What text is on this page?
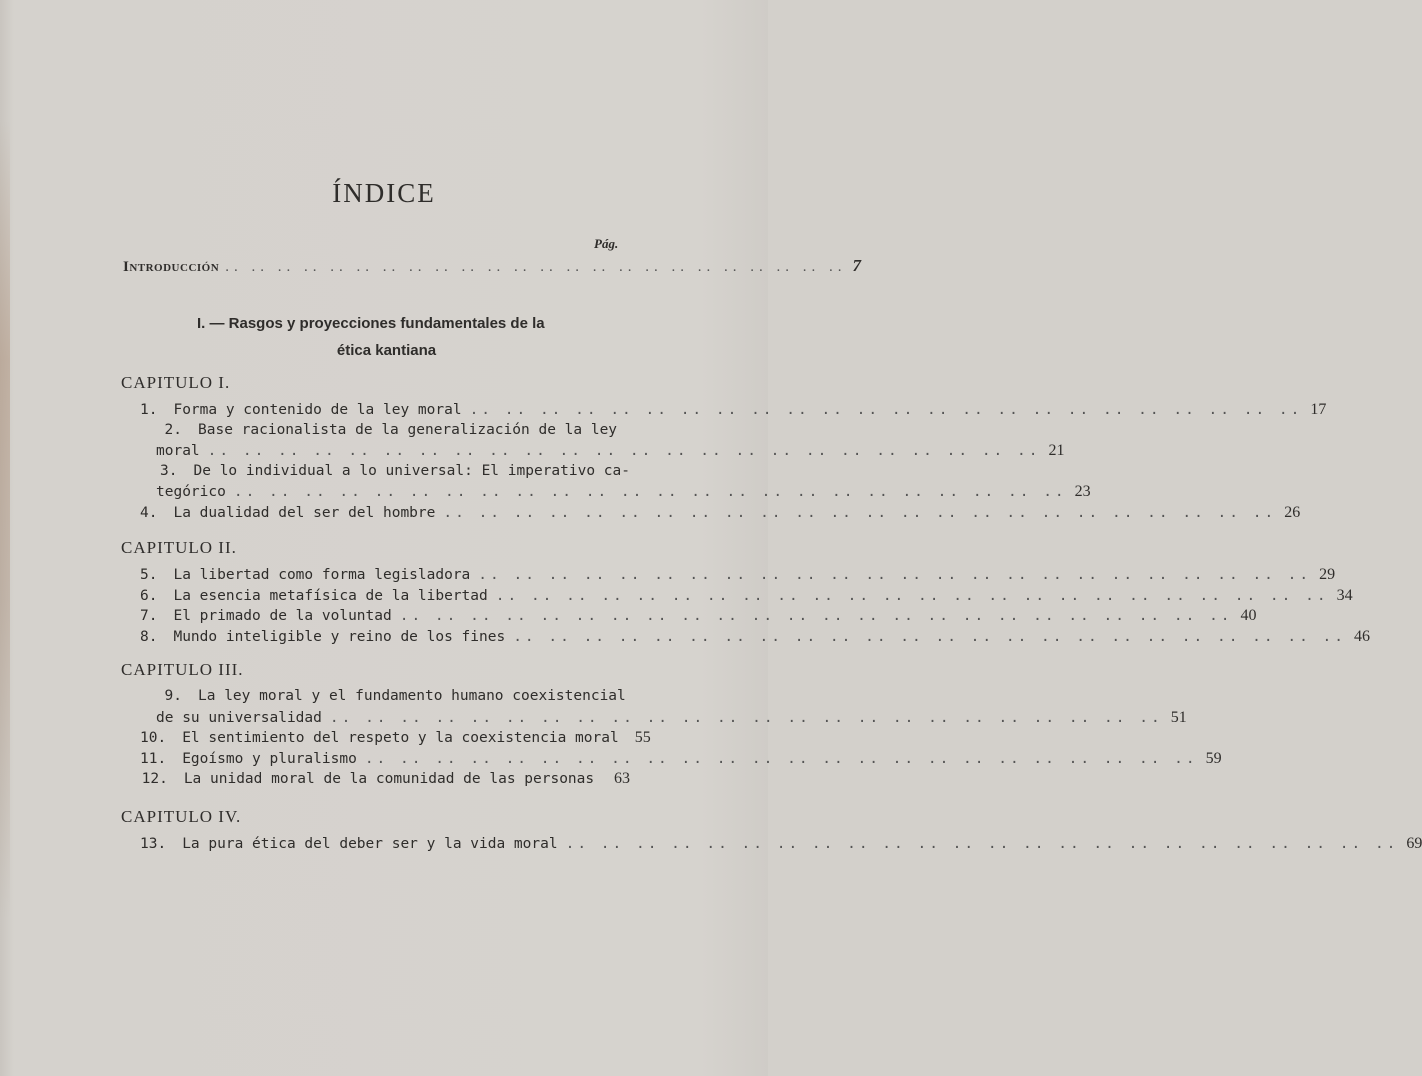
ÍNDICE
Pág.
Introducción .. .. .. .. .. .. .. .. .. .. .. .. .. .. .. .. .. .. .. .. .. .. .. .. 7
I. — Rasgos y proyecciones fundamentales de la
ética kantiana
CAPITULO I.
1. Forma y contenido de la ley moral .. .. .. .. .. .. .. .. .. .. .. .. .. .. .. .. .. .. .. .. .. .. .. .. 17
2. Base racionalista de la generalización de la ley
moral .. .. .. .. .. .. .. .. .. .. .. .. .. .. .. .. .. .. .. .. .. .. .. .. 21
3. De lo individual a lo universal: El imperativo ca-
tegórico .. .. .. .. .. .. .. .. .. .. .. .. .. .. .. .. .. .. .. .. .. .. .. .. 23
4. La dualidad del ser del hombre .. .. .. .. .. .. .. .. .. .. .. .. .. .. .. .. .. .. .. .. .. .. .. .. 26
CAPITULO II.
5. La libertad como forma legisladora .. .. .. .. .. .. .. .. .. .. .. .. .. .. .. .. .. .. .. .. .. .. .. .. 29
6. La esencia metafísica de la libertad .. .. .. .. .. .. .. .. .. .. .. .. .. .. .. .. .. .. .. .. .. .. .. .. 34
7. El primado de la voluntad .. .. .. .. .. .. .. .. .. .. .. .. .. .. .. .. .. .. .. .. .. .. .. .. 40
8. Mundo inteligible y reino de los fines .. .. .. .. .. .. .. .. .. .. .. .. .. .. .. .. .. .. .. .. .. .. .. .. 46
CAPITULO III.
9. La ley moral y el fundamento humano coexistencial
de su universalidad .. .. .. .. .. .. .. .. .. .. .. .. .. .. .. .. .. .. .. .. .. .. .. .. 51
10. El sentimiento del respeto y la coexistencia moral 55
11. Egoísmo y pluralismo .. .. .. .. .. .. .. .. .. .. .. .. .. .. .. .. .. .. .. .. .. .. .. .. 59
12. La unidad moral de la comunidad de las personas 63
CAPITULO IV.
13. La pura ética del deber ser y la vida moral .. .. .. .. .. .. .. .. .. .. .. .. .. .. .. .. .. .. .. .. .. .. .. .. 69
